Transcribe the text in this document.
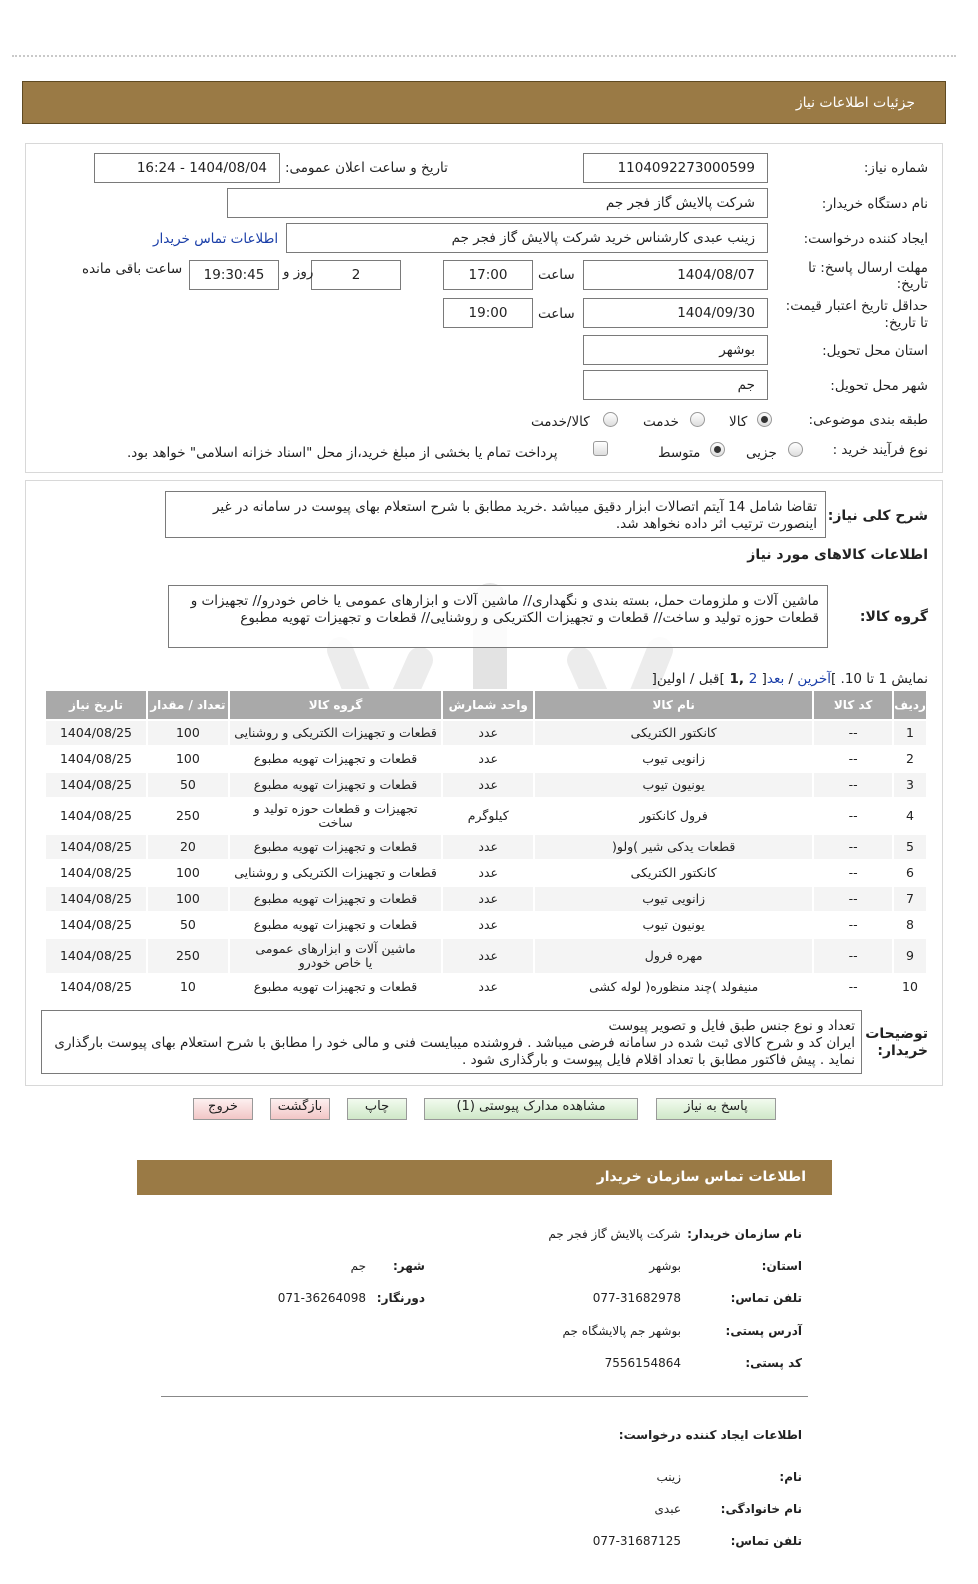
جزئيات اطلاعات نیاز
شماره نیاز:
1104092273000599
تاریخ و ساعت اعلان عمومی:
1404/08/04 - 16:24
نام دستگاه خریدار:
شرکت پالایش گاز فجر جم
ایجاد کننده درخواست:
زینب عبدی کارشناس خرید شرکت پالایش گاز فجر جم
اطلاعات تماس خریدار
مهلت ارسال پاسخ: تا
تاریخ:
1404/08/07
ساعت
17:00
2
روز و
19:30:45
ساعت باقی مانده
حداقل تاریخ اعتبار قیمت:
تا تاریخ:
1404/09/30
ساعت
19:00
استان محل تحویل:
بوشهر
شهر محل تحویل:
جم
طبقه بندی موضوعی:
کالا
خدمت
کالا/خدمت
نوع فرآیند خرید :
جزیی
متوسط
پرداخت تمام یا بخشی از مبلغ خرید،از محل "اسناد خزانه اسلامی" خواهد بود.
شرح کلی نیاز:
تقاضا شامل 14 آیتم اتصالات ابزار دقیق میباشد .خرید مطابق با شرح استعلام بهای پیوست در سامانه در غیر اینصورت ترتیب اثر داده نخواهد شد.
اطلاعات کالاهای مورد نیاز
گروه کالا:
ماشین آلات و ملزومات حمل، بسته بندی و نگهداری// ماشین آلات و ابزارهای عمومی یا خاص خودرو// تجهیزات و قطعات حوزه تولید و ساخت// قطعات و تجهیزات الکتریکی و روشنایی// قطعات و تجهیزات تهویه مطبوع
نمایش 1 تا 10. ]آخرین / بعد[ 2 ,1 ]قبل / اولین[
ردیف	کد کالا	نام کالا	واحد شمارش	گروه کالا	تعداد / مقدار	تاریخ نیاز
1	--	کانکتور الکتریکی	عدد	قطعات و تجهیزات الکتریکی و روشنایی	100	1404/08/25
2	--	زانویی تیوب	عدد	قطعات و تجهیزات تهویه مطبوع	100	1404/08/25
3	--	یونیون تیوب	عدد	قطعات و تجهیزات تهویه مطبوع	50	1404/08/25
4	--	فرول کانکتور	کیلوگرم	تجهیزات و قطعات حوزه تولید و ساخت	250	1404/08/25
5	--	قطعات یدکی شیر )ولو(	عدد	قطعات و تجهیزات تهویه مطبوع	20	1404/08/25
6	--	کانکتور الکتریکی	عدد	قطعات و تجهیزات الکتریکی و روشنایی	100	1404/08/25
7	--	زانویی تیوب	عدد	قطعات و تجهیزات تهویه مطبوع	100	1404/08/25
8	--	یونیون تیوب	عدد	قطعات و تجهیزات تهویه مطبوع	50	1404/08/25
9	--	مهره فرول	عدد	ماشین آلات و ابزارهای عمومی یا خاص خودرو	250	1404/08/25
10	--	منیفولد )چند منظوره( لوله کشی	عدد	قطعات و تجهیزات تهویه مطبوع	10	1404/08/25
توضیحات
خریدار:
تعداد و نوع جنس طبق فایل و تصویر پیوست
ایران کد و شرح کالای ثبت شده در سامانه فرضی میباشد . فروشنده میبایست فنی و مالی خود را مطابق با شرح استعلام بهای پیوست بارگذاری نماید . پیش فاکتور مطابق با تعداد اقلام فایل پیوست و بارگذاری شود .
پاسخ به نیاز
مشاهده مدارک پیوستی (1)
چاپ
بازگشت
خروج
اطلاعات تماس سازمان خریدار
نام سازمان خریدار:
شرکت پالایش گاز فجر جم
استان:
بوشهر
شهر:
جم
تلفن تماس:
077-31682978
دورنگار:
071-36264098
آدرس پستی:
بوشهر جم پالایشگاه جم
کد پستی:
7556154864
اطلاعات ایجاد کننده درخواست:
نام:
زینب
نام خانوادگی:
عبدی
تلفن تماس:
077-31687125
